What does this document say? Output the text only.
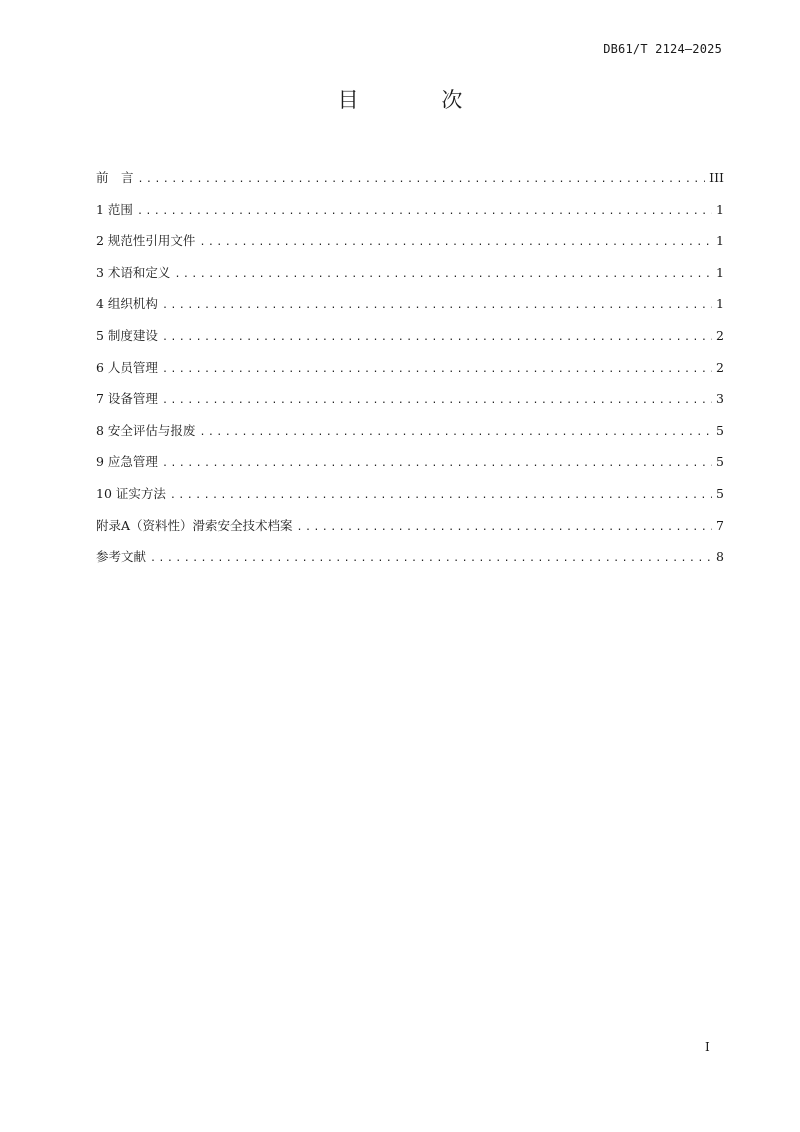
DB61/T 2124—2025

目 次
前　言 .....	III
1 范围 .....	1
2 规范性引用文件 .....	1
3 术语和定义 .....	1
4 组织机构 .....	1
5 制度建设 .....	2
6 人员管理 .....	2
7 设备管理 .....	3
8 安全评估与报废 .....	5
9 应急管理 .....	5
10 证实方法 .....	5
附录A（资料性）滑索安全技术档案 .....	7
参考文献 .....	8

I
